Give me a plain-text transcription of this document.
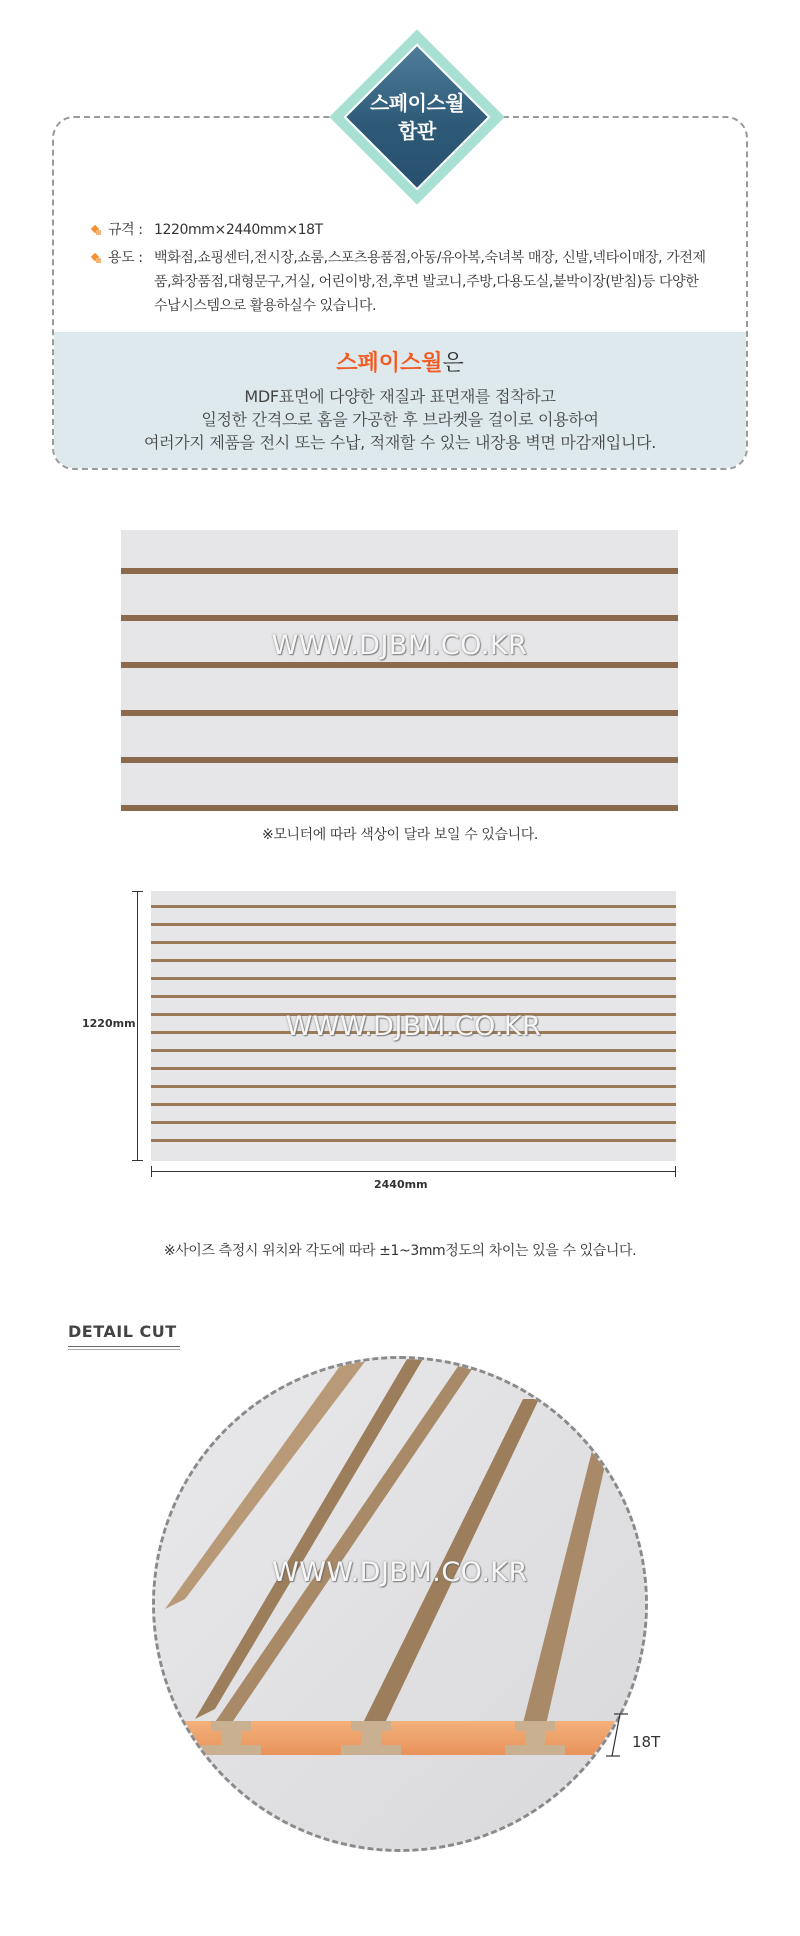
스페이스월
합판
규격 : 1220mm×2440mm×18T
용도 : 백화점,쇼핑센터,전시장,쇼룸,스포츠용품점,아동/유아복,숙녀복 매장, 신발,넥타이매장, 가전제품,화장품점,대형문구,거실, 어린이방,전,후면 발코니,주방,다용도실,붙박이장(받침)등 다양한 수납시스템으로 활용하실수 있습니다.
스페이스월은
MDF표면에 다양한 재질과 표면재를 접착하고
일정한 간격으로 홈을 가공한 후 브라켓을 걸이로 이용하여
여러가지 제품을 전시 또는 수납, 적재할 수 있는 내장용 벽면 마감재입니다.
WWW.DJBM.CO.KR
※모니터에 따라 색상이 달라 보일 수 있습니다.
WWW.DJBM.CO.KR
1220mm
2440mm
※사이즈 측정시 위치와 각도에 따라 ±1~3mm정도의 차이는 있을 수 있습니다.
DETAIL CUT
WWW.DJBM.CO.KR
18T
